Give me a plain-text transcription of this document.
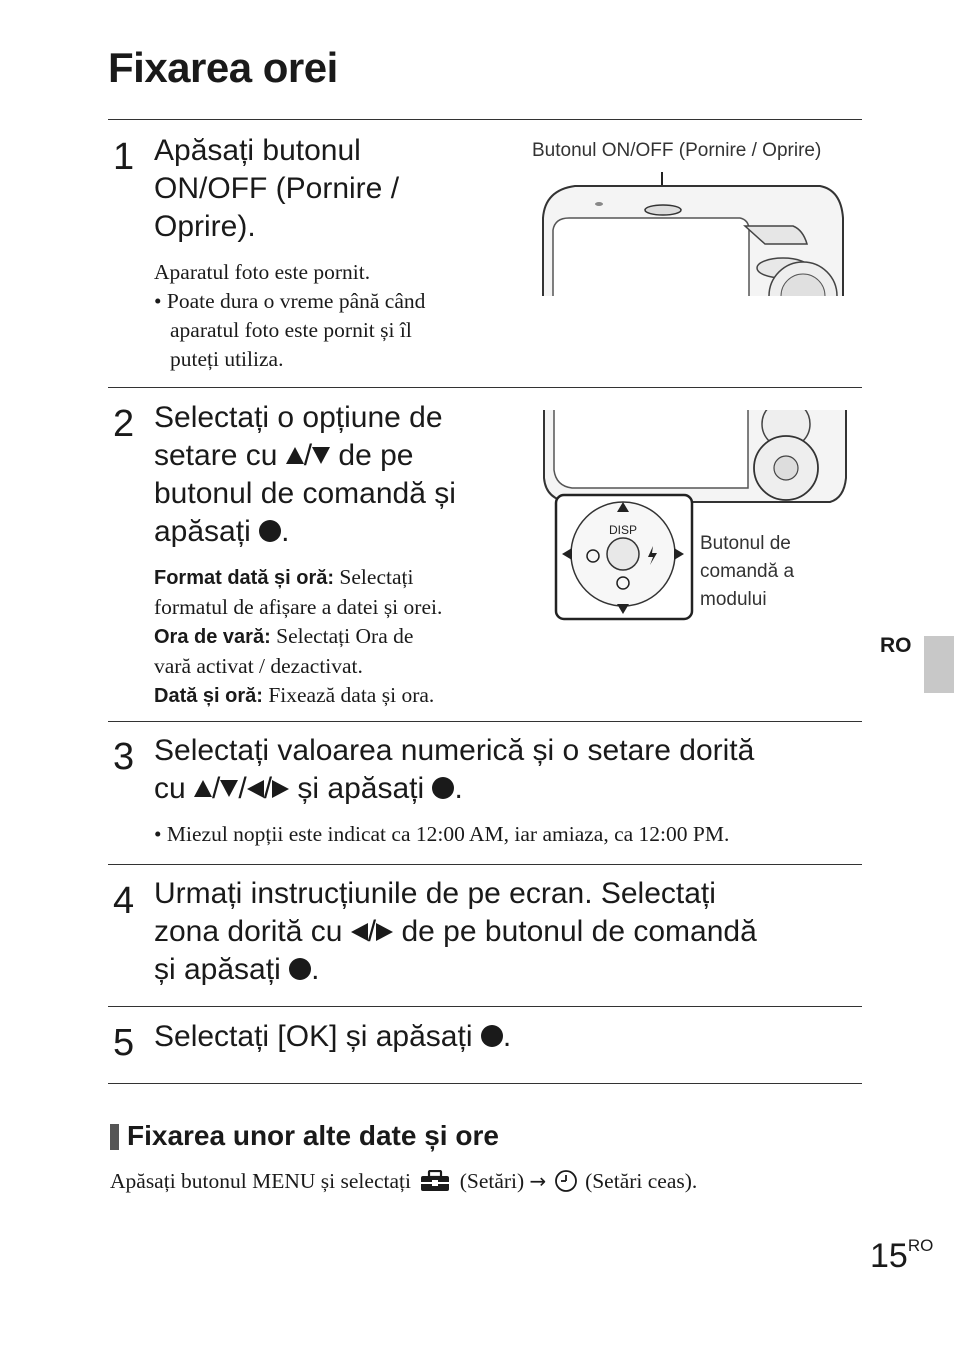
Fixarea orei
1 Apăsați butonul
ON/OFF (Pornire /
Oprire).
Aparatul foto este pornit.
• Poate dura o vreme până când
aparatul foto este pornit și îl
puteți utiliza.
Butonul ON/OFF (Pornire / Oprire)
2 Selectați o opțiune de
setare cu / de pe
butonul de comandă și
apăsați .
Format dată și oră: Selectați
formatul de afișare a datei și orei.
Ora de vară: Selectați Ora de
vară activat / dezactivat.
Dată și oră: Fixează data și ora.
DISP
Butonul de
comandă a
modului
RO
3 Selectați valoarea numerică și o setare dorită
cu / / / și apăsați .
• Miezul nopții este indicat ca 12:00 AM, iar amiaza, ca 12:00 PM.
4 Urmați instrucțiunile de pe ecran. Selectați
zona dorită cu / de pe butonul de comandă
și apăsați .
5 Selectați [OK] și apăsați .
Fixarea unor alte date și ore
Apăsați butonul MENU și selectați (Setări) → (Setări ceas).
$15^{RO}$
